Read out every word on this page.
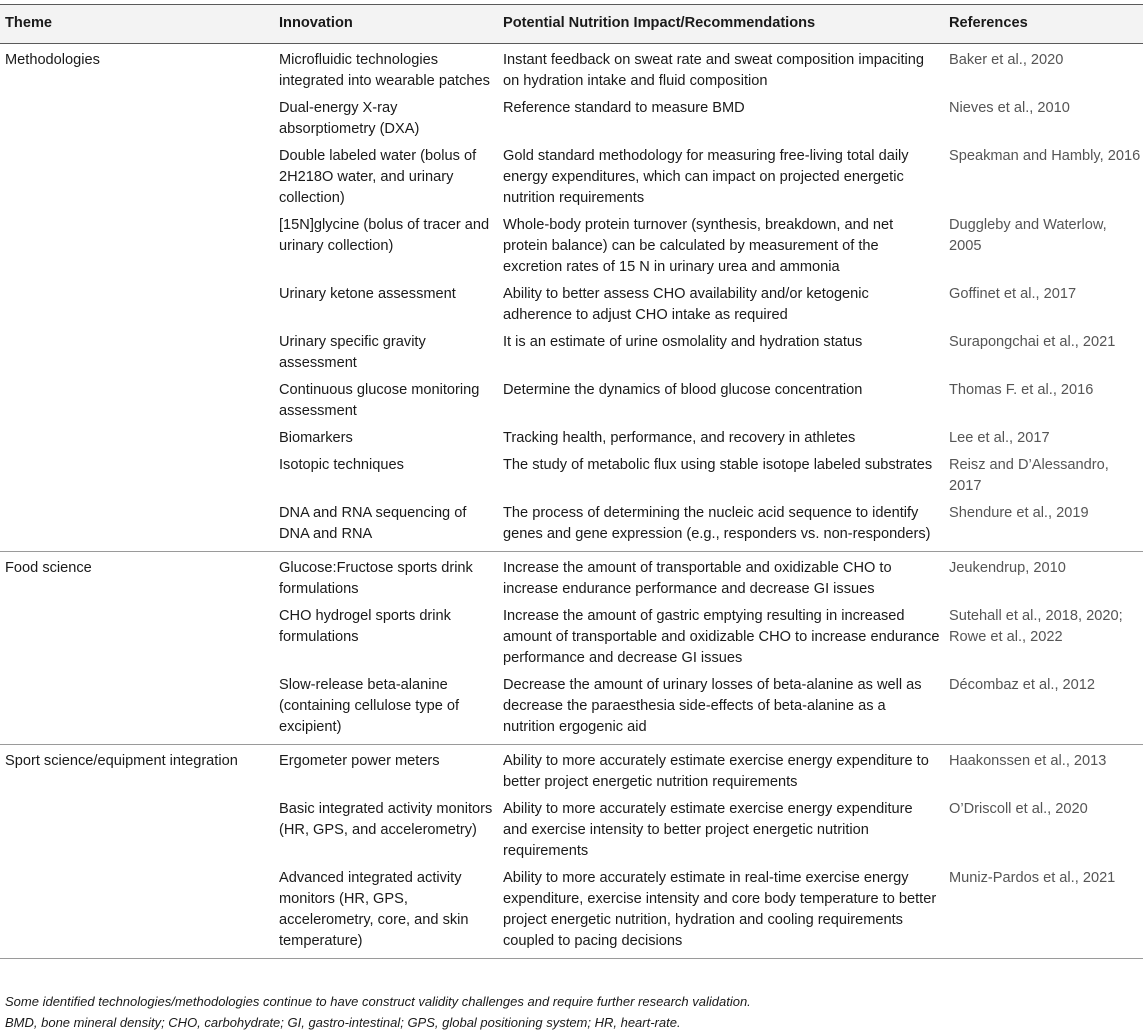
Theme	Innovation	Potential Nutrition Impact/Recommendations	References
Methodologies	Microfluidic technologies integrated into wearable patches	Instant feedback on sweat rate and sweat composition impaciting on hydration intake and fluid composition	Baker et al., 2020
	Dual-energy X-ray absorptiometry (DXA)	Reference standard to measure BMD	Nieves et al., 2010
	Double labeled water (bolus of 2H218O water, and urinary collection)	Gold standard methodology for measuring free-living total daily energy expenditures, which can impact on projected energetic nutrition requirements	Speakman and Hambly, 2016
	[15N]glycine (bolus of tracer and urinary collection)	Whole-body protein turnover (synthesis, breakdown, and net protein balance) can be calculated by measurement of the excretion rates of 15 N in urinary urea and ammonia	Duggleby and Waterlow, 2005
	Urinary ketone assessment	Ability to better assess CHO availability and/or ketogenic adherence to adjust CHO intake as required	Goffinet et al., 2017
	Urinary specific gravity assessment	It is an estimate of urine osmolality and hydration status	Surapongchai et al., 2021
	Continuous glucose monitoring assessment	Determine the dynamics of blood glucose concentration	Thomas F. et al., 2016
	Biomarkers	Tracking health, performance, and recovery in athletes	Lee et al., 2017
	Isotopic techniques	The study of metabolic flux using stable isotope labeled substrates	Reisz and D’Alessandro, 2017
	DNA and RNA sequencing of DNA and RNA	The process of determining the nucleic acid sequence to identify genes and gene expression (e.g., responders vs. non-responders)	Shendure et al., 2019
Food science	Glucose:Fructose sports drink formulations	Increase the amount of transportable and oxidizable CHO to increase endurance performance and decrease GI issues	Jeukendrup, 2010
	CHO hydrogel sports drink formulations	Increase the amount of gastric emptying resulting in increased amount of transportable and oxidizable CHO to increase endurance performance and decrease GI issues	Sutehall et al., 2018, 2020; Rowe et al., 2022
	Slow-release beta-alanine (containing cellulose type of excipient)	Decrease the amount of urinary losses of beta-alanine as well as decrease the paraesthesia side-effects of beta-alanine as a nutrition ergogenic aid	Décombaz et al., 2012
Sport science/equipment integration	Ergometer power meters	Ability to more accurately estimate exercise energy expenditure to better project energetic nutrition requirements	Haakonssen et al., 2013
	Basic integrated activity monitors (HR, GPS, and accelerometry)	Ability to more accurately estimate exercise energy expenditure and exercise intensity to better project energetic nutrition requirements	O’Driscoll et al., 2020
	Advanced integrated activity monitors (HR, GPS, accelerometry, core, and skin temperature)	Ability to more accurately estimate in real-time exercise energy expenditure, exercise intensity and core body temperature to better project energetic nutrition, hydration and cooling requirements coupled to pacing decisions	Muniz-Pardos et al., 2021
Some identified technologies/methodologies continue to have construct validity challenges and require further research validation.
BMD, bone mineral density; CHO, carbohydrate; GI, gastro-intestinal; GPS, global positioning system; HR, heart-rate.
